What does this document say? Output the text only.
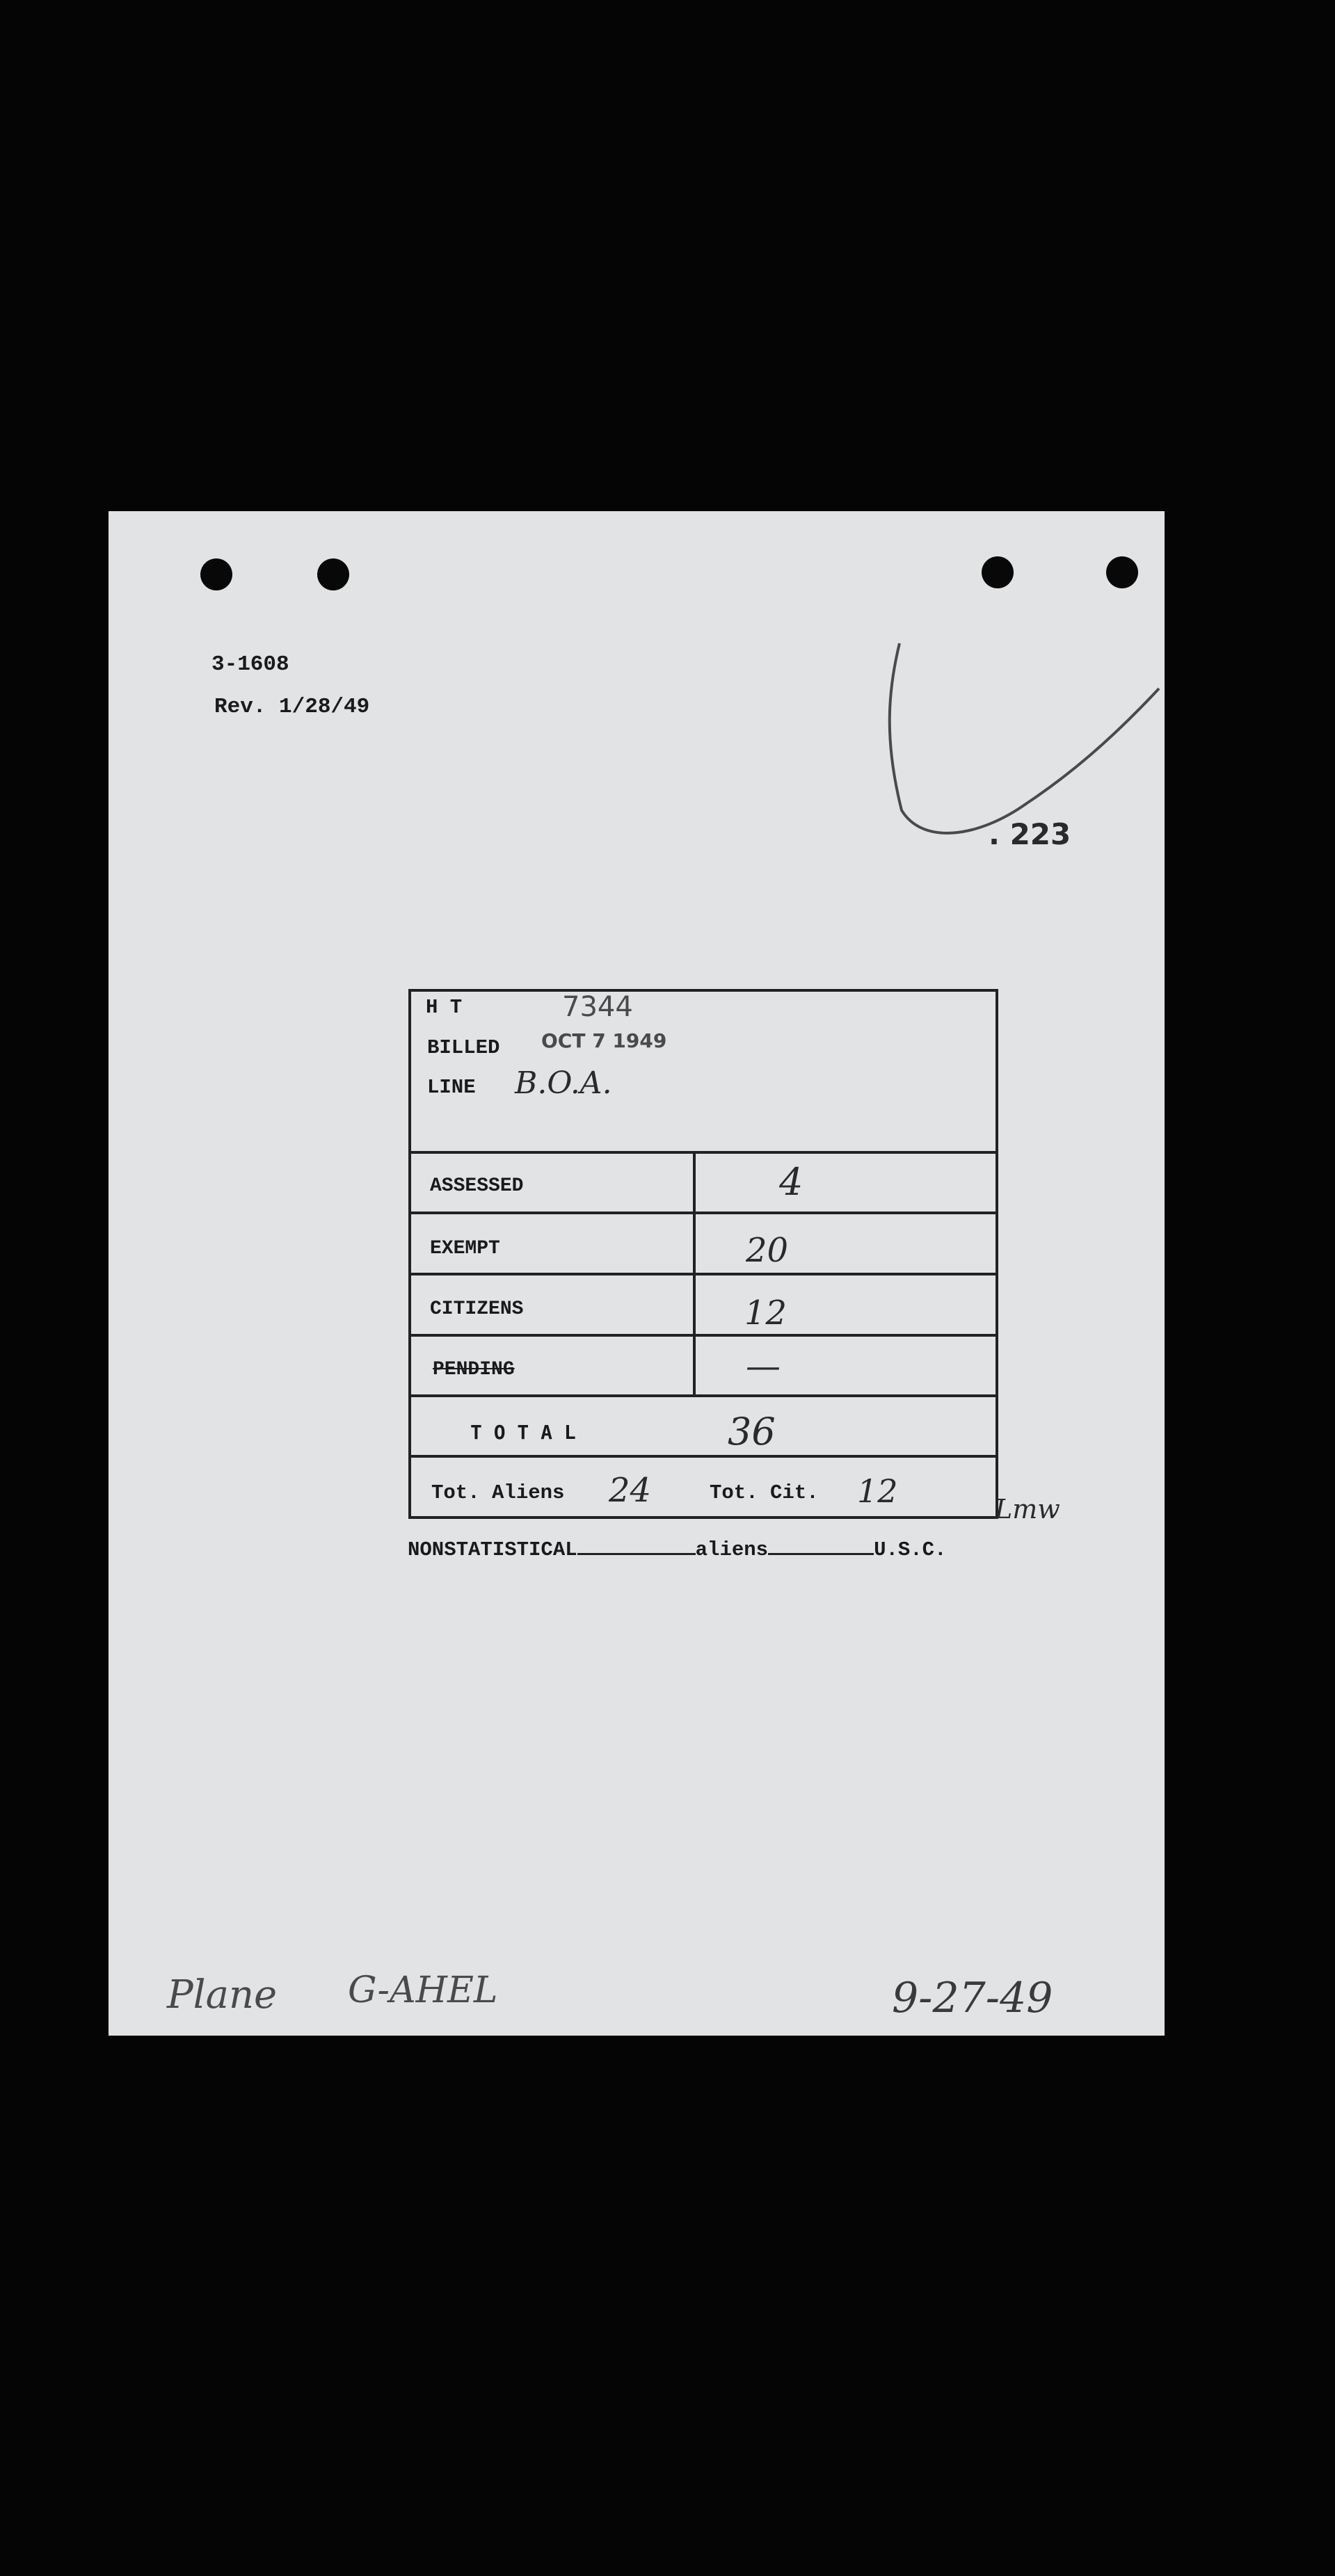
3-1608
Rev. 1/28/49
. 223
H T	7344
BILLED OCT 7 1949
LINE B.O.A.
ASSESSED	4
EXEMPT	20
CITIZENS	12
PENDING	—
T O T A L	36
Tot. Aliens 24	Tot. Cit. 12	Lmw
NONSTATISTICAL	aliens	U.S.C.
Plane G-AHEL	9-27-49
